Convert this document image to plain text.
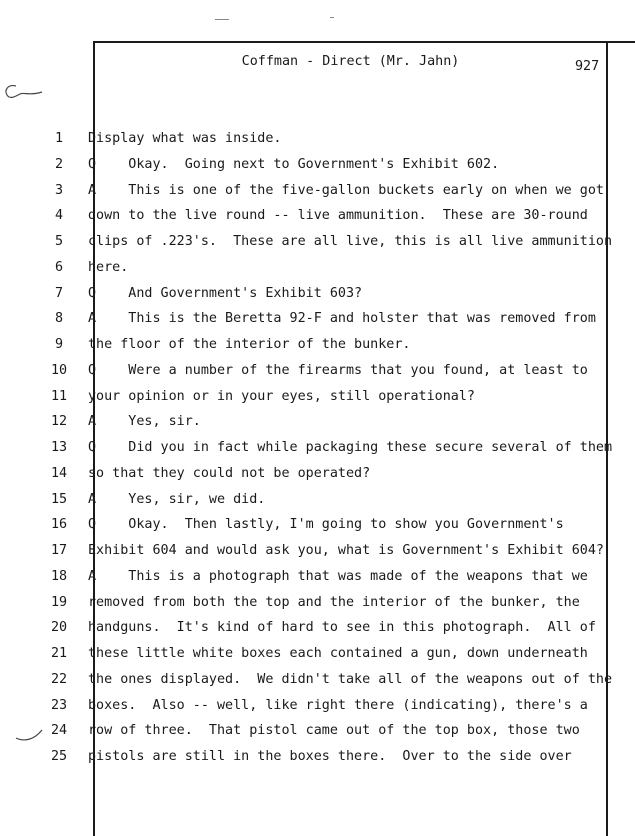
Coffman - Direct (Mr. Jahn)	927
1	Display what was inside.
2	Q    Okay.  Going next to Government's Exhibit 602.
3	A    This is one of the five-gallon buckets early on when we got
4	down to the live round -- live ammunition.  These are 30-round
5	clips of .223's.  These are all live, this is all live ammunition
6	here.
7	Q    And Government's Exhibit 603?
8	A    This is the Beretta 92-F and holster that was removed from
9	the floor of the interior of the bunker.
10	Q    Were a number of the firearms that you found, at least to
11	your opinion or in your eyes, still operational?
12	A    Yes, sir.
13	Q    Did you in fact while packaging these secure several of them
14	so that they could not be operated?
15	A    Yes, sir, we did.
16	Q    Okay.  Then lastly, I'm going to show you Government's
17	Exhibit 604 and would ask you, what is Government's Exhibit 604?
18	A    This is a photograph that was made of the weapons that we
19	removed from both the top and the interior of the bunker, the
20	handguns.  It's kind of hard to see in this photograph.  All of
21	these little white boxes each contained a gun, down underneath
22	the ones displayed.  We didn't take all of the weapons out of the
23	boxes.  Also -- well, like right there (indicating), there's a
24	row of three.  That pistol came out of the top box, those two
25	pistols are still in the boxes there.  Over to the side over
